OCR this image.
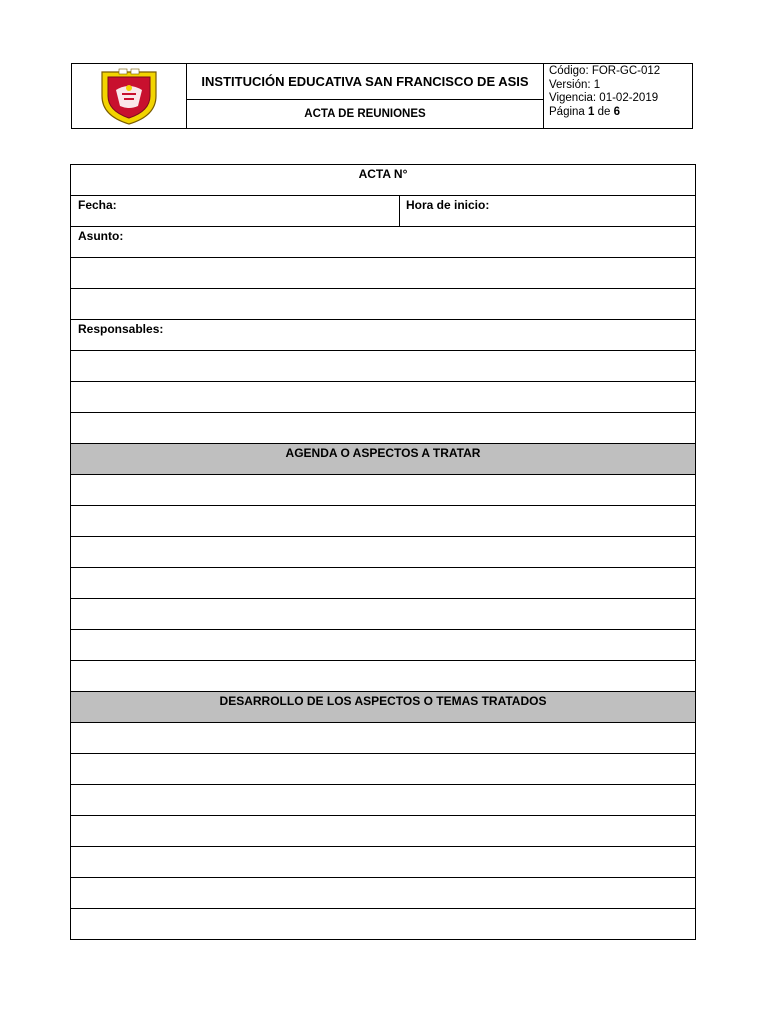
INSTITUCIÓN EDUCATIVA SAN FRANCISCO DE ASIS
ACTA DE REUNIONES
Código: FOR-GC-012
Versión: 1
Vigencia: 01-02-2019
Página 1 de 6
ACTA N°
Fecha:	Hora de inicio:
Asunto:
Responsables:
AGENDA O ASPECTOS A TRATAR
DESARROLLO DE LOS ASPECTOS O TEMAS TRATADOS
